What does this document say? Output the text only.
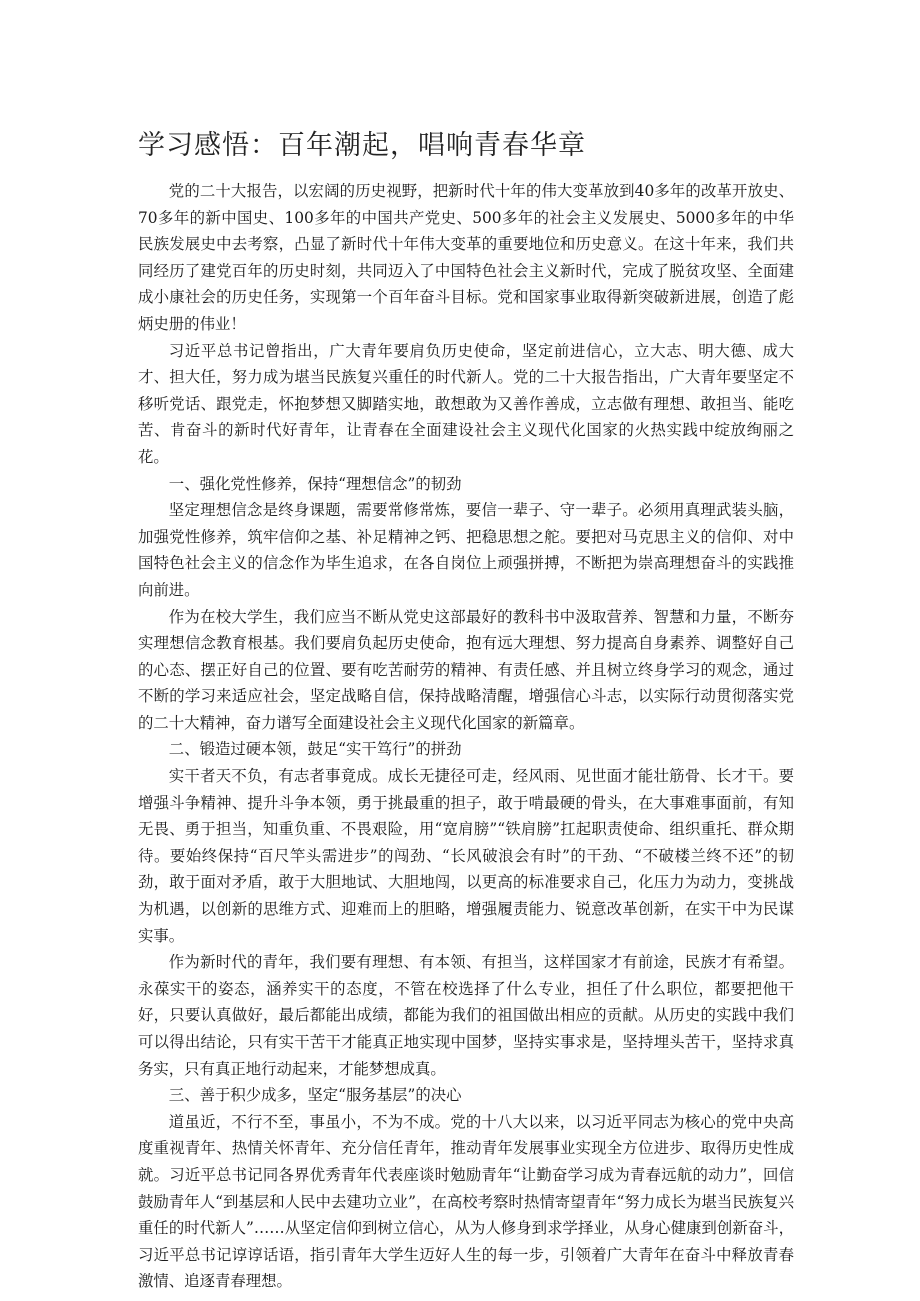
学习感悟：百年潮起，唱响青春华章

党的二十大报告，以宏阔的历史视野，把新时代十年的伟大变革放到40多年的改革开放史、70多年的新中国史、100多年的中国共产党史、500多年的社会主义发展史、5000多年的中华民族发展史中去考察，凸显了新时代十年伟大变革的重要地位和历史意义。在这十年来，我们共同经历了建党百年的历史时刻，共同迈入了中国特色社会主义新时代，完成了脱贫攻坚、全面建成小康社会的历史任务，实现第一个百年奋斗目标。党和国家事业取得新突破新进展，创造了彪炳史册的伟业！

习近平总书记曾指出，广大青年要肩负历史使命，坚定前进信心，立大志、明大德、成大才、担大任，努力成为堪当民族复兴重任的时代新人。党的二十大报告指出，广大青年要坚定不移听党话、跟党走，怀抱梦想又脚踏实地，敢想敢为又善作善成，立志做有理想、敢担当、能吃苦、肯奋斗的新时代好青年，让青春在全面建设社会主义现代化国家的火热实践中绽放绚丽之花。

一、强化党性修养，保持“理想信念”的韧劲

坚定理想信念是终身课题，需要常修常炼，要信一辈子、守一辈子。必须用真理武装头脑，加强党性修养，筑牢信仰之基、补足精神之钙、把稳思想之舵。要把对马克思主义的信仰、对中国特色社会主义的信念作为毕生追求，在各自岗位上顽强拼搏，不断把为崇高理想奋斗的实践推向前进。

作为在校大学生，我们应当不断从党史这部最好的教科书中汲取营养、智慧和力量，不断夯实理想信念教育根基。我们要肩负起历史使命，抱有远大理想、努力提高自身素养、调整好自己的心态、摆正好自己的位置、要有吃苦耐劳的精神、有责任感、并且树立终身学习的观念，通过不断的学习来适应社会，坚定战略自信，保持战略清醒，增强信心斗志，以实际行动贯彻落实党的二十大精神，奋力谱写全面建设社会主义现代化国家的新篇章。

二、锻造过硬本领，鼓足“实干笃行”的拼劲

实干者天不负，有志者事竟成。成长无捷径可走，经风雨、见世面才能壮筋骨、长才干。要增强斗争精神、提升斗争本领，勇于挑最重的担子，敢于啃最硬的骨头，在大事难事面前，有知无畏、勇于担当，知重负重、不畏艰险，用“宽肩膀”“铁肩膀”扛起职责使命、组织重托、群众期待。要始终保持“百尺竿头需进步”的闯劲、“长风破浪会有时”的干劲、“不破楼兰终不还”的韧劲，敢于面对矛盾，敢于大胆地试、大胆地闯，以更高的标准要求自己，化压力为动力，变挑战为机遇，以创新的思维方式、迎难而上的胆略，增强履责能力、锐意改革创新，在实干中为民谋实事。

作为新时代的青年，我们要有理想、有本领、有担当，这样国家才有前途，民族才有希望。永葆实干的姿态，涵养实干的态度，不管在校选择了什么专业，担任了什么职位，都要把他干好，只要认真做好，最后都能出成绩，都能为我们的祖国做出相应的贡献。从历史的实践中我们可以得出结论，只有实干苦干才能真正地实现中国梦，坚持实事求是，坚持埋头苦干，坚持求真务实，只有真正地行动起来，才能梦想成真。

三、善于积少成多，坚定“服务基层”的决心

道虽近，不行不至，事虽小，不为不成。党的十八大以来，以习近平同志为核心的党中央高度重视青年、热情关怀青年、充分信任青年，推动青年发展事业实现全方位进步、取得历史性成就。习近平总书记同各界优秀青年代表座谈时勉励青年“让勤奋学习成为青春远航的动力”，回信鼓励青年人“到基层和人民中去建功立业”，在高校考察时热情寄望青年“努力成长为堪当民族复兴重任的时代新人”……从坚定信仰到树立信心，从为人修身到求学择业，从身心健康到创新奋斗，习近平总书记谆谆话语，指引青年大学生迈好人生的每一步，引领着广大青年在奋斗中释放青春激情、追逐青春理想。
